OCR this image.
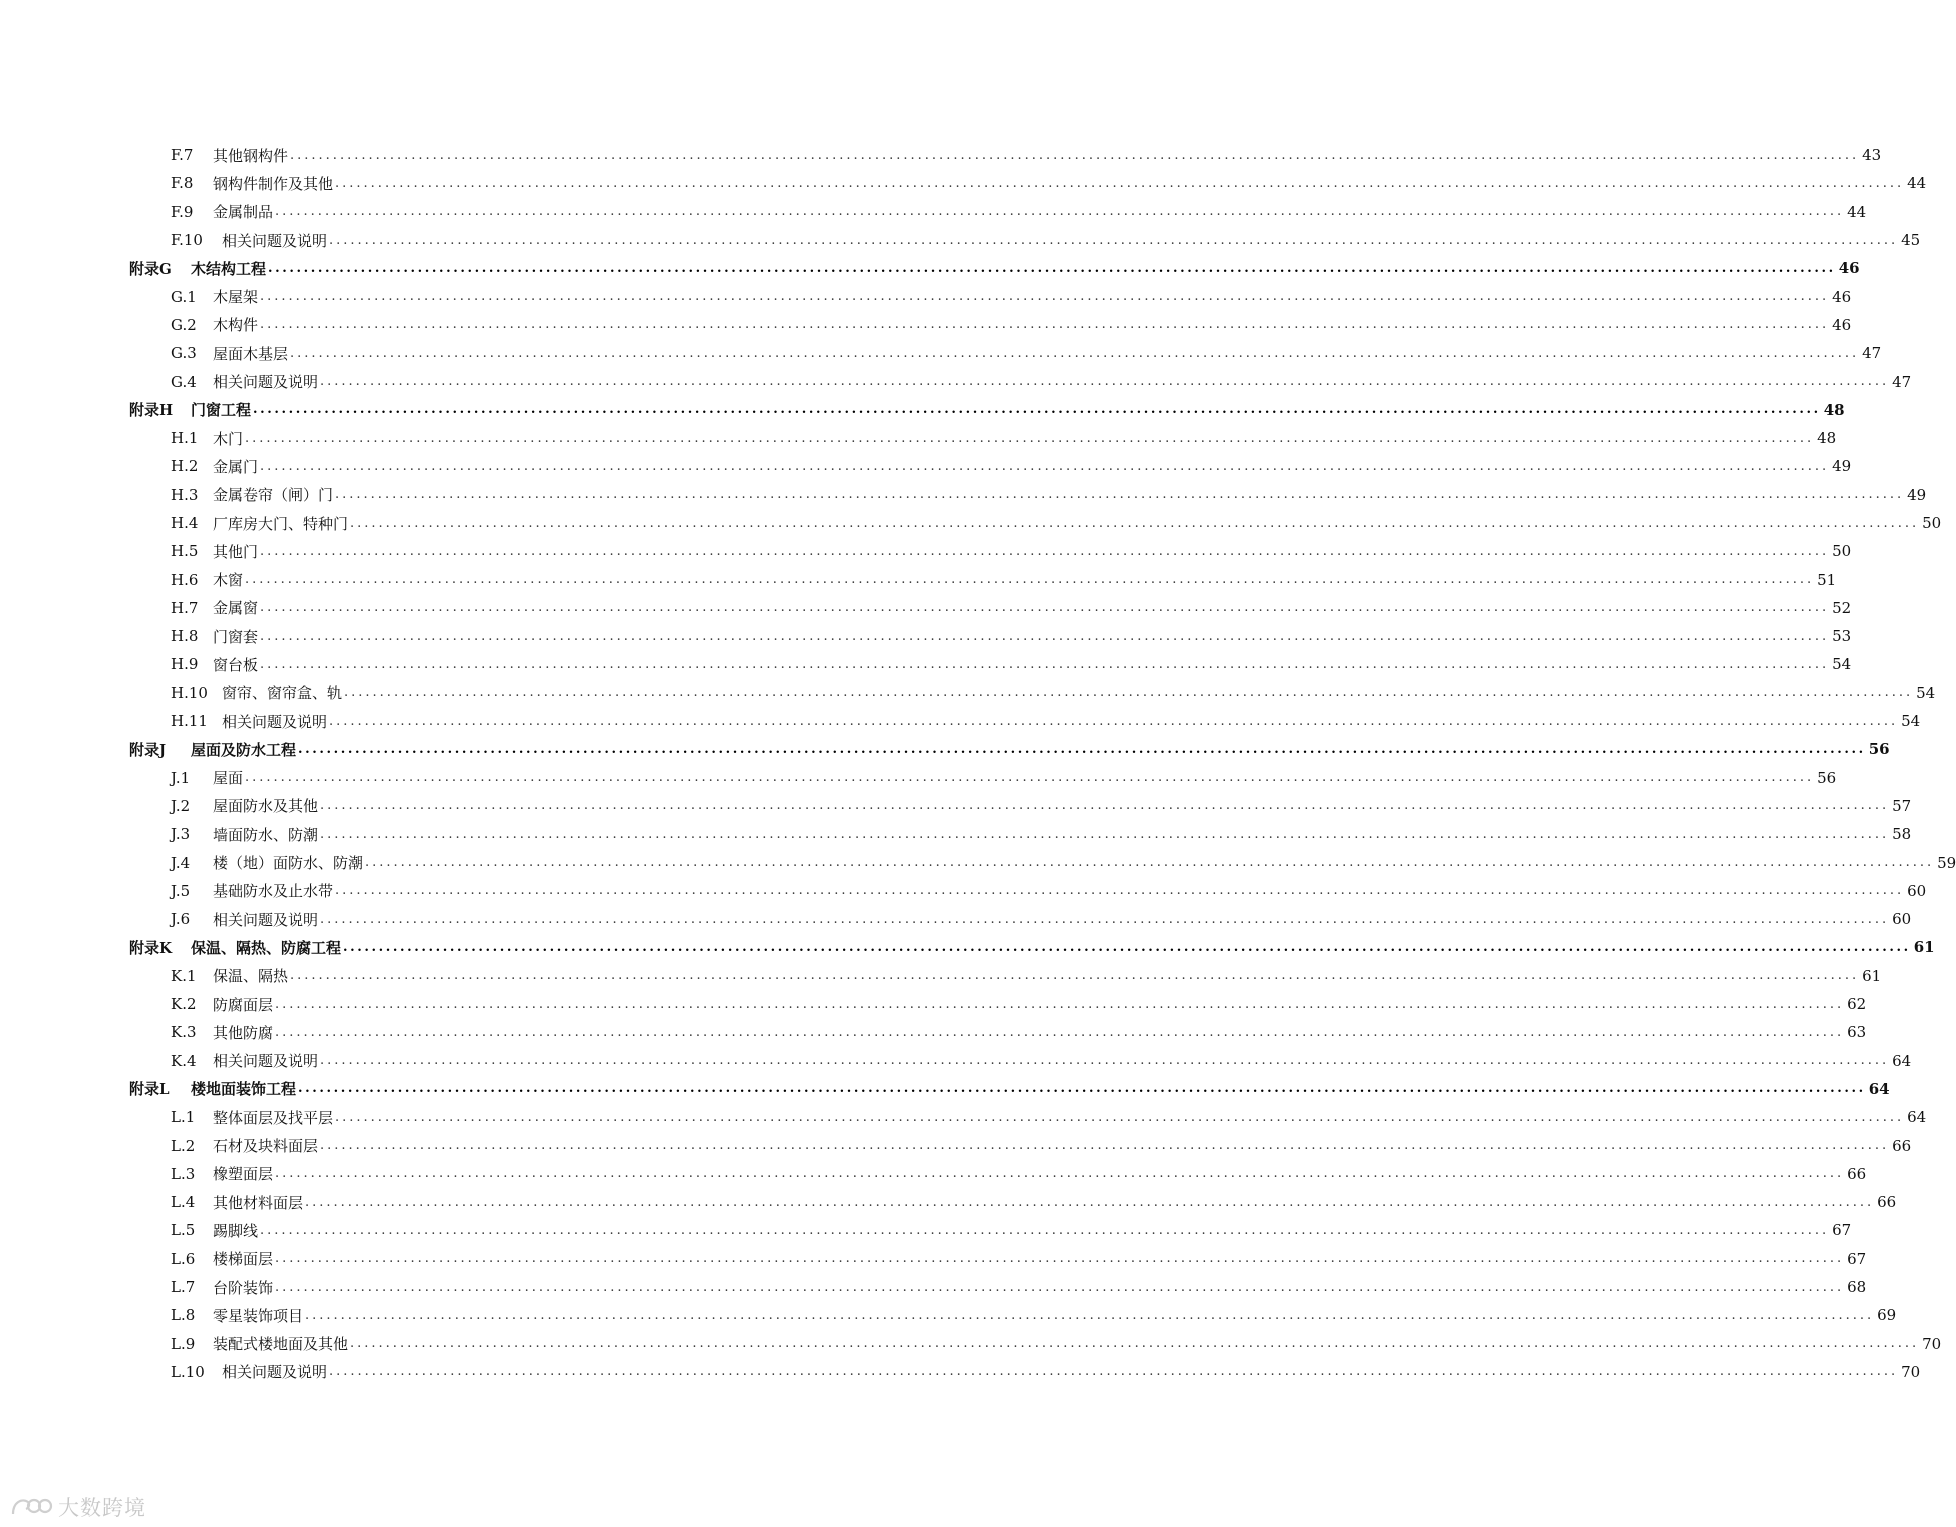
F.7	其他钢构件 ............................................................................................................................................................................................................................ 43
F.8	钢构件制作及其他 ............................................................................................................................................................................................................................ 44
F.9	金属制品 ............................................................................................................................................................................................................................ 44
F.10	相关问题及说明 ............................................................................................................................................................................................................................ 45
附录G	木结构工程 ............................................................................................................................................................................................................................ 46
G.1	木屋架 ............................................................................................................................................................................................................................ 46
G.2	木构件 ............................................................................................................................................................................................................................ 46
G.3	屋面木基层 ............................................................................................................................................................................................................................ 47
G.4	相关问题及说明 ............................................................................................................................................................................................................................ 47
附录H	门窗工程 ............................................................................................................................................................................................................................ 48
H.1 木门 ............................................................................................................................................................................................................................ 48
H.2 金属门 ............................................................................................................................................................................................................................ 49
H.3 金属卷帘（闸）门 ............................................................................................................................................................................................................................ 49
H.4 厂库房大门、特种门 ............................................................................................................................................................................................................................ 50
H.5 其他门 ............................................................................................................................................................................................................................ 50
H.6 木窗 ............................................................................................................................................................................................................................ 51
H.7 金属窗 ............................................................................................................................................................................................................................ 52
H.8 门窗套 ............................................................................................................................................................................................................................ 53
H.9 窗台板 ............................................................................................................................................................................................................................ 54
H.10 窗帘、窗帘盒、轨 ............................................................................................................................................................................................................................ 54
H.11 相关问题及说明 ............................................................................................................................................................................................................................ 54
附录J	屋面及防水工程 ............................................................................................................................................................................................................................ 56
J.1	屋面 ............................................................................................................................................................................................................................ 56
J.2	屋面防水及其他 ............................................................................................................................................................................................................................ 57
J.3	墙面防水、防潮 ............................................................................................................................................................................................................................ 58
J.4	楼（地）面防水、防潮 ............................................................................................................................................................................................................................ 59
J.5	基础防水及止水带 ............................................................................................................................................................................................................................ 60
J.6	相关问题及说明 ............................................................................................................................................................................................................................ 60
附录K	保温、隔热、防腐工程 ............................................................................................................................................................................................................................ 61
K.1	保温、隔热 ............................................................................................................................................................................................................................ 61
K.2	防腐面层 ............................................................................................................................................................................................................................ 62
K.3	其他防腐 ............................................................................................................................................................................................................................ 63
K.4	相关问题及说明 ............................................................................................................................................................................................................................ 64
附录L	楼地面装饰工程 ............................................................................................................................................................................................................................ 64
L.1	整体面层及找平层 ............................................................................................................................................................................................................................ 64
L.2	石材及块料面层 ............................................................................................................................................................................................................................ 66
L.3	橡塑面层 ............................................................................................................................................................................................................................ 66
L.4	其他材料面层 ............................................................................................................................................................................................................................ 66
L.5	踢脚线 ............................................................................................................................................................................................................................ 67
L.6	楼梯面层 ............................................................................................................................................................................................................................ 67
L.7	台阶装饰 ............................................................................................................................................................................................................................ 68
L.8	零星装饰项目 ............................................................................................................................................................................................................................ 69
L.9	装配式楼地面及其他 ............................................................................................................................................................................................................................ 70
L.10	相关问题及说明 ............................................................................................................................................................................................................................ 70
大数跨境
